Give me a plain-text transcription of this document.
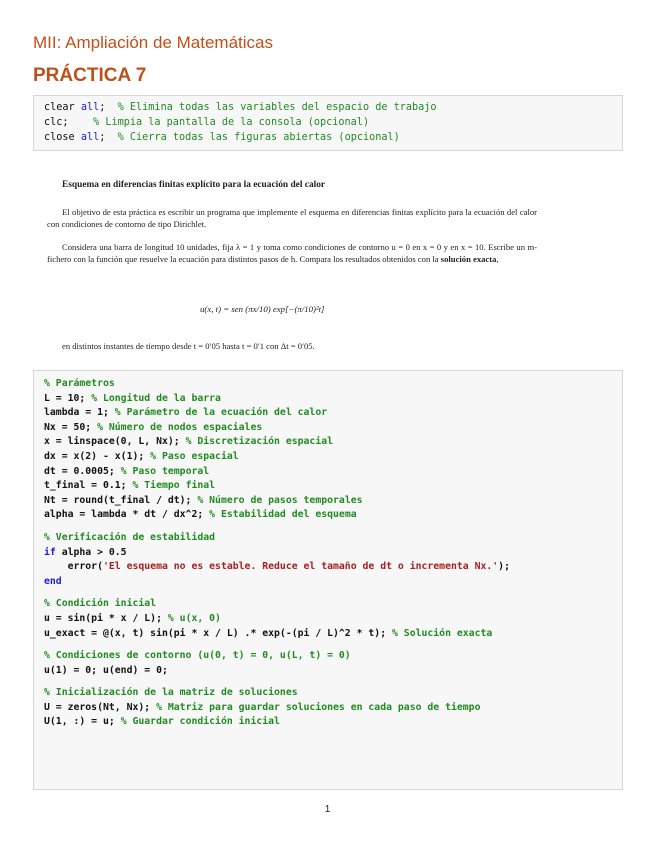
MII: Ampliación de Matemáticas
PRÁCTICA 7
clear all;  % Elimina todas las variables del espacio de trabajo
clc;    % Limpia la pantalla de la consola (opcional)
close all;  % Cierra todas las figuras abiertas (opcional)
Esquema en diferencias finitas explícito para la ecuación del calor
El objetivo de esta práctica es escribir un programa que implemente el esquema en diferencias finitas explícito para la ecuación del calor con condiciones de contorno de tipo Dirichlet.
Considera una barra de longitud 10 unidades, fija λ = 1 y toma como condiciones de contorno u = 0 en x = 0 y en x = 10. Escribe un m-fichero con la función que resuelve la ecuación para distintos pasos de h. Compara los resultados obtenidos con la solución exacta,
u(x, t) = sen (πx/10) exp[−(π/10)²t]
en distintos instantes de tiempo desde t = 0′05 hasta t = 0′1 con Δt = 0′05.
% Parámetros
L = 10; % Longitud de la barra
lambda = 1; % Parámetro de la ecuación del calor
Nx = 50; % Número de nodos espaciales
x = linspace(0, L, Nx); % Discretización espacial
dx = x(2) - x(1); % Paso espacial
dt = 0.0005; % Paso temporal
t_final = 0.1; % Tiempo final
Nt = round(t_final / dt); % Número de pasos temporales
alpha = lambda * dt / dx^2; % Estabilidad del esquema
% Verificación de estabilidad
if alpha > 0.5
error('El esquema no es estable. Reduce el tamaño de dt o incrementa Nx.');
end
% Condición inicial
u = sin(pi * x / L); % u(x, 0)
u_exact = @(x, t) sin(pi * x / L) .* exp(-(pi / L)^2 * t); % Solución exacta
% Condiciones de contorno (u(0, t) = 0, u(L, t) = 0)
u(1) = 0; u(end) = 0;
% Inicialización de la matriz de soluciones
U = zeros(Nt, Nx); % Matriz para guardar soluciones en cada paso de tiempo
U(1, :) = u; % Guardar condición inicial
1
